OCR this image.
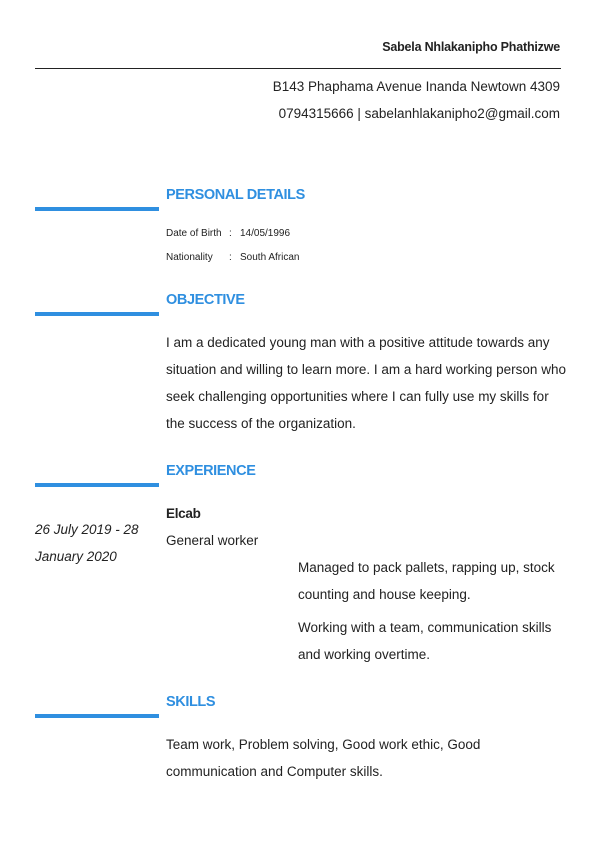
Sabela Nhlakanipho Phathizwe
B143 Phaphama Avenue Inanda Newtown 4309
0794315666 | sabelanhlakanipho2@gmail.com
PERSONAL DETAILS
Date of Birth : 14/05/1996
Nationality : South African
OBJECTIVE
I am a dedicated young man with a positive attitude towards any situation and willing to learn more. I am a hard working person who seek challenging opportunities where I can fully use my skills for the success of the organization.
EXPERIENCE
26 July 2019 - 28 January 2020
Elcab
General worker
Managed to pack pallets, rapping up, stock counting and house keeping.
Working with a team, communication skills and working overtime.
SKILLS
Team work, Problem solving, Good work ethic, Good communication and Computer skills.
